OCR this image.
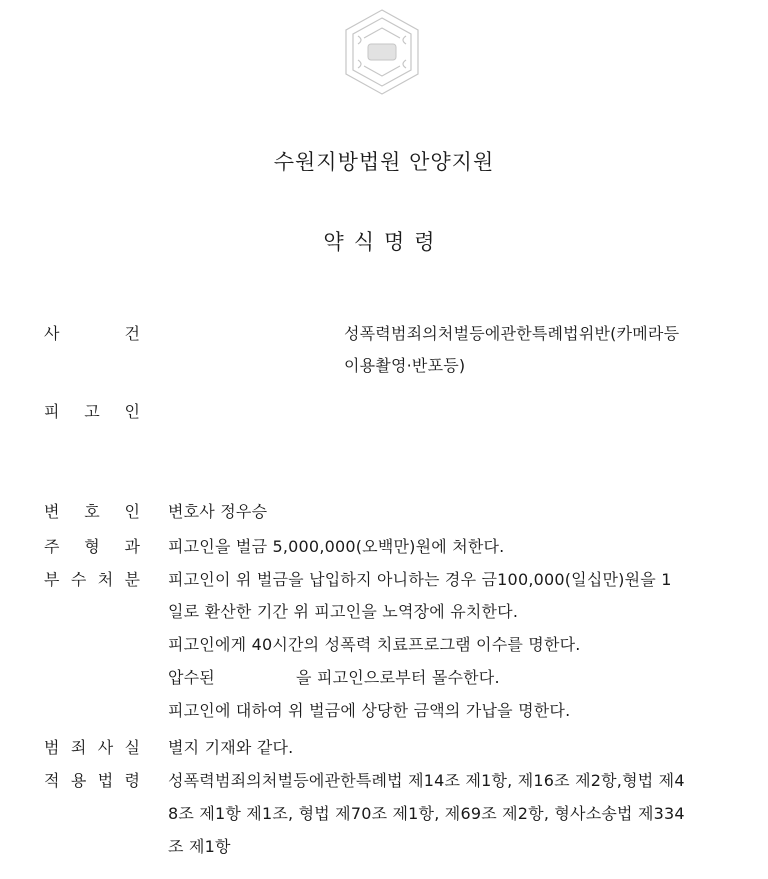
수원지방법원 안양지원
약식명령
사	건	성폭력범죄의처벌등에관한특례법위반(카메라등
이용촬영·반포등)
피 고 인
변 호 인 변호사 정우승
주 형 과 피고인을 벌금 5,000,000(오백만)원에 처한다.
부 수 처 분 피고인이 위 벌금을 납입하지 아니하는 경우 금100,000(일십만)원을 1
일로 환산한 기간 위 피고인을 노역장에 유치한다.
피고인에게 40시간의 성폭력 치료프로그램 이수를 명한다.
압수된	을 피고인으로부터 몰수한다.
피고인에 대하여 위 벌금에 상당한 금액의 가납을 명한다.
범 죄 사 실 별지 기재와 같다.
적 용 법 령 성폭력범죄의처벌등에관한특례법 제14조 제1항, 제16조 제2항,형법 제4
8조 제1항 제1조, 형법 제70조 제1항, 제69조 제2항, 형사소송법 제334
조 제1항
